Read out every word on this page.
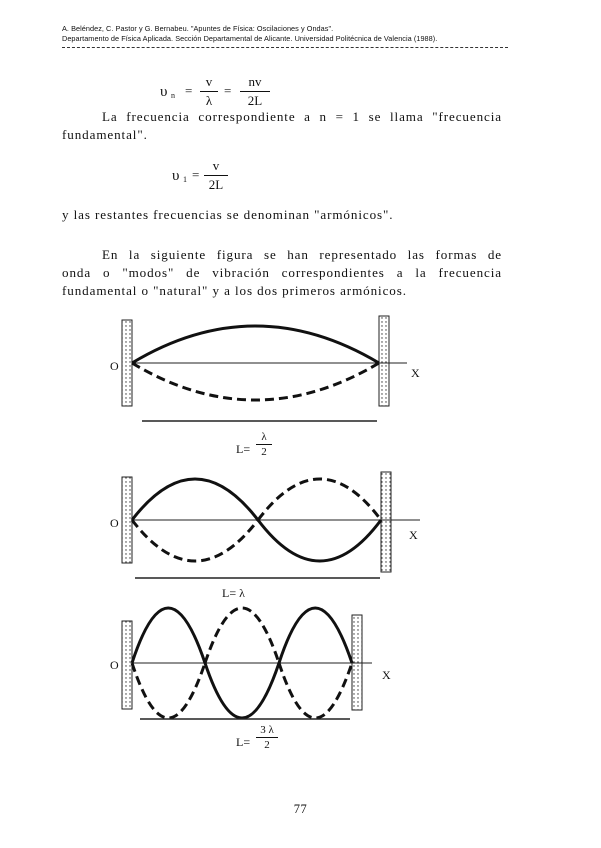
A. Beléndez, C. Pastor y G. Bernabeu. "Apuntes de Física: Oscilaciones y Ondas".
Departamento de Física Aplicada. Sección Departamental de Alicante. Universidad Politécnica de Valencia (1988).
υ n =
v
λ
=
nv
2L
La frecuencia correspondiente a n = 1 se llama "frecuencia
fundamental".
υ 1 =
v
2L
y las restantes frecuencias se denominan "armónicos".
En la siguiente figura se han representado las formas de
onda o "modos" de vibración correspondientes a la frecuencia
fundamental o "natural" y a los dos primeros armónicos.
O	X
L=
λ
2
O
X
L= λ
O
X
L=
3 λ
2
77
